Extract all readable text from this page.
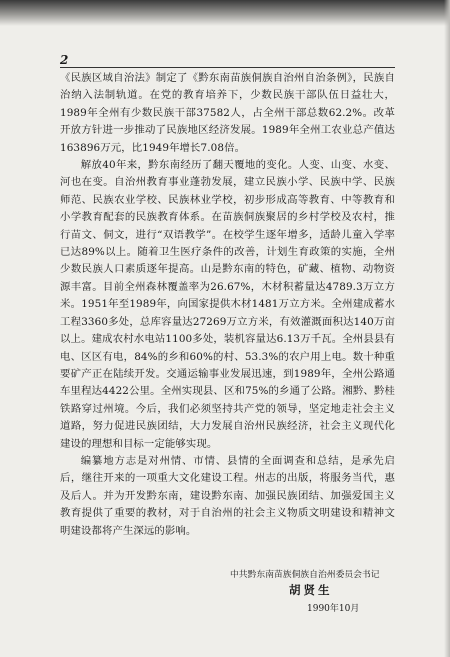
2

《民族区域自治法》制定了《黔东南苗族侗族自治州自治条例》，民族自治纳入法制轨道。在党的教育培养下，少数民族干部队伍日益壮大，1989年全州有少数民族干部37582人，占全州干部总数62.2%。改革开放方针进一步推动了民族地区经济发展。1989年全州工农业总产值达163896万元，比1949年增长7.08倍。

解放40年来，黔东南经历了翻天覆地的变化。人变、山变、水变、河也在变。自治州教育事业蓬勃发展，建立民族小学、民族中学、民族师范、民族农业学校、民族林业学校，初步形成高等教育、中等教育和小学教育配套的民族教育体系。在苗族侗族聚居的乡村学校及农村，推行苗文、侗文，进行“双语教学”。在校学生逐年增多，适龄儿童入学率已达89%以上。随着卫生医疗条件的改善，计划生育政策的实施，全州少数民族人口素质逐年提高。山是黔东南的特色，矿藏、植物、动物资源丰富。目前全州森林覆盖率为26.67%，木材积蓄量达4789.3万立方米。1951年至1989年，向国家提供木材1481万立方米。全州建成蓄水工程3360多处，总库容量达27269万立方米，有效灌溉面积达140万亩以上。建成农村水电站1100多处，装机容量达6.13万千瓦。全州县县有电、区区有电，84%的乡和60%的村、53.3%的农户用上电。数十种重要矿产正在陆续开发。交通运输事业发展迅速，到1989年，全州公路通车里程达4422公里。全州实现县、区和75%的乡通了公路。湘黔、黔桂铁路穿过州境。今后，我们必须坚持共产党的领导，坚定地走社会主义道路，努力促进民族团结，大力发展自治州民族经济，社会主义现代化建设的理想和目标一定能够实现。

编纂地方志是对州情、市情、县情的全面调查和总结，是承先启后，继往开来的一项重大文化建设工程。州志的出版，将服务当代，惠及后人。并为开发黔东南，建设黔东南、加强民族团结、加强爱国主义教育提供了重要的教材，对于自治州的社会主义物质文明建设和精神文明建设都将产生深远的影响。

中共黔东南苗族侗族自治州委员会书记
胡贤生
1990年10月
